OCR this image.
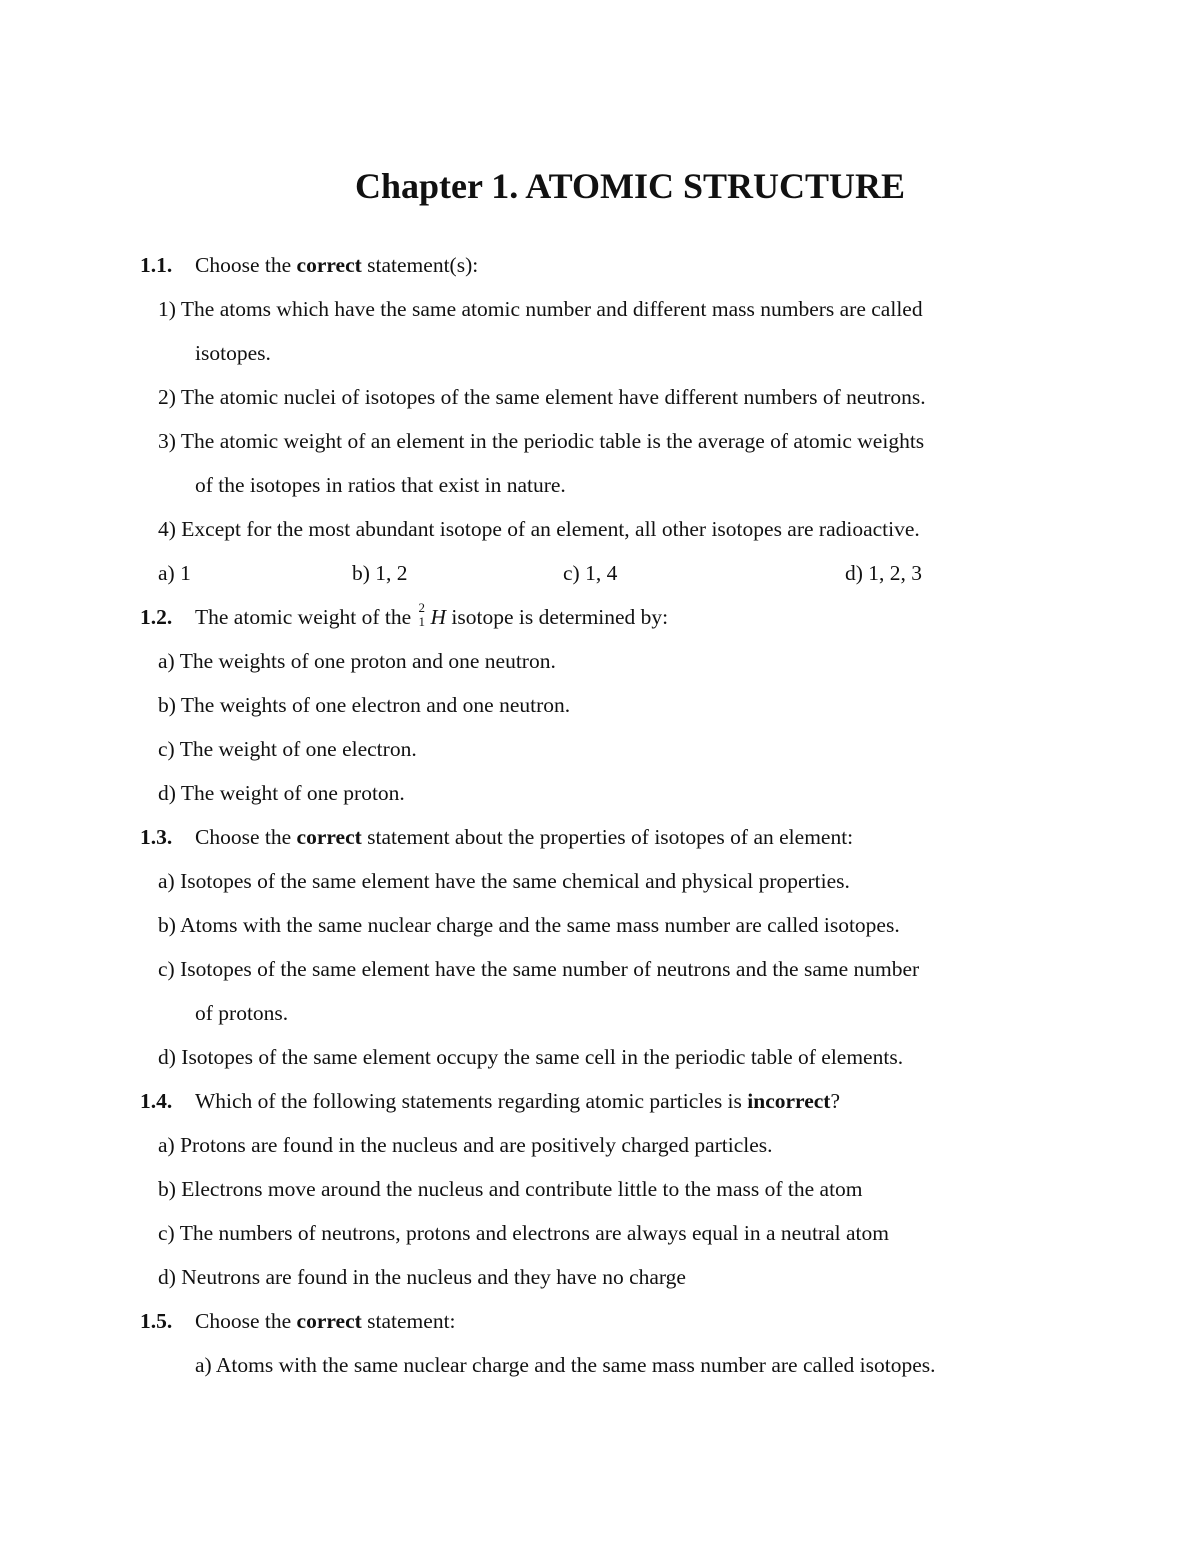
Chapter 1. ATOMIC STRUCTURE
1.1. Choose the correct statement(s):
1) The atoms which have the same atomic number and different mass numbers are called
isotopes.
2) The atomic nuclei of isotopes of the same element have different numbers of neutrons.
3) The atomic weight of an element in the periodic table is the average of atomic weights
of the isotopes in ratios that exist in nature.
4) Except for the most abundant isotope of an element, all other isotopes are radioactive.
a) 1	b) 1, 2	c) 1, 4	d) 1, 2, 3
1.2. The atomic weight of the 2
1 H isotope is determined by:
a) The weights of one proton and one neutron.
b) The weights of one electron and one neutron.
c) The weight of one electron.
d) The weight of one proton.
1.3. Choose the correct statement about the properties of isotopes of an element:
a) Isotopes of the same element have the same chemical and physical properties.
b) Atoms with the same nuclear charge and the same mass number are called isotopes.
c) Isotopes of the same element have the same number of neutrons and the same number
of protons.
d) Isotopes of the same element occupy the same cell in the periodic table of elements.
1.4. Which of the following statements regarding atomic particles is incorrect?
a) Protons are found in the nucleus and are positively charged particles.
b) Electrons move around the nucleus and contribute little to the mass of the atom
c) The numbers of neutrons, protons and electrons are always equal in a neutral atom
d) Neutrons are found in the nucleus and they have no charge
1.5. Choose the correct statement:
a) Atoms with the same nuclear charge and the same mass number are called isotopes.
